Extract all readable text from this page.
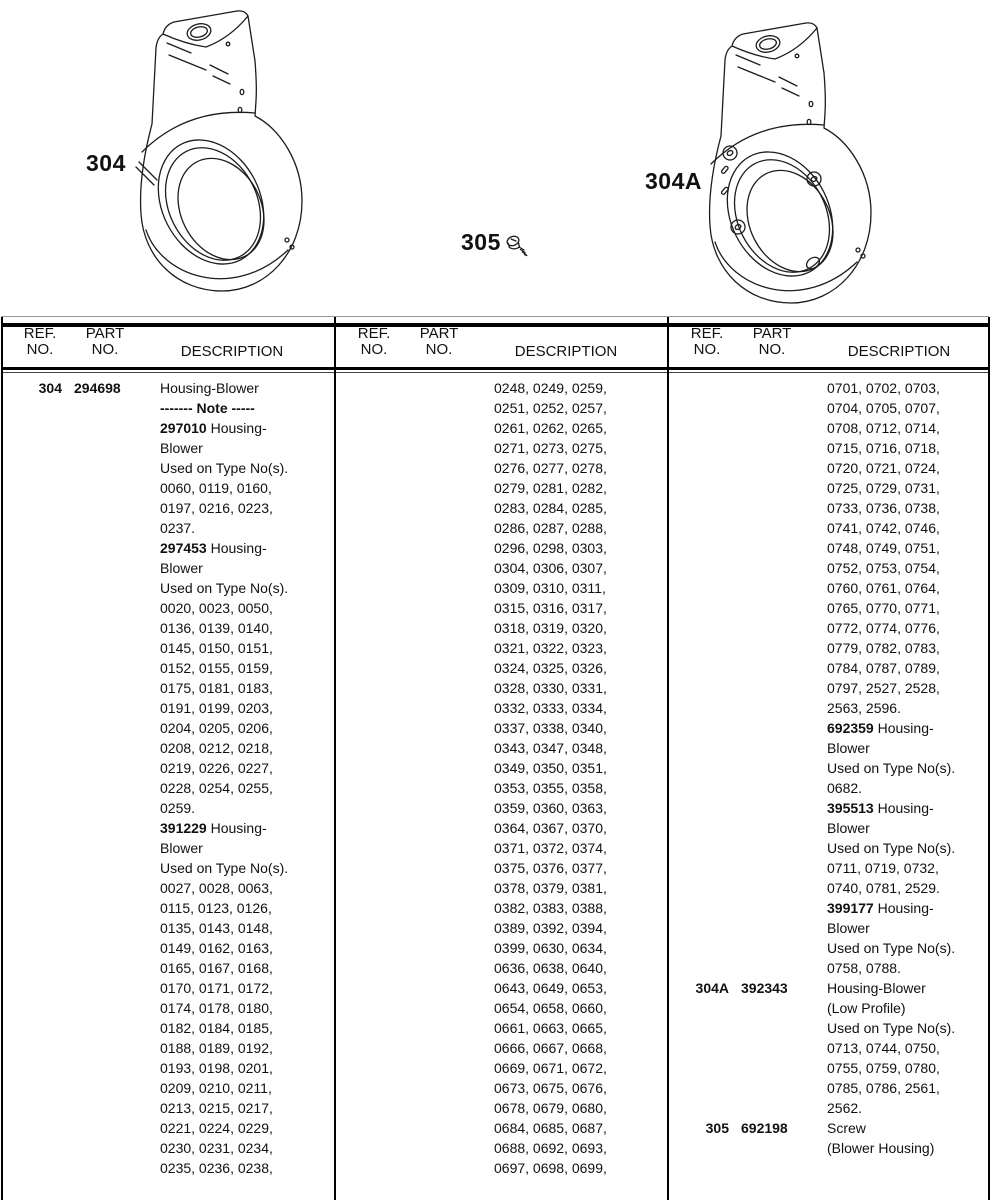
304
305
304A
REF.
NO.
PART
NO.	DESCRIPTION
304 294698	Housing-Blower
------- Note -----
297010 Housing-
Blower
Used on Type No(s).
0060, 0119, 0160,
0197, 0216, 0223,
0237.
297453 Housing-
Blower
Used on Type No(s).
0020, 0023, 0050,
0136, 0139, 0140,
0145, 0150, 0151,
0152, 0155, 0159,
0175, 0181, 0183,
0191, 0199, 0203,
0204, 0205, 0206,
0208, 0212, 0218,
0219, 0226, 0227,
0228, 0254, 0255,
0259.
391229 Housing-
Blower
Used on Type No(s).
0027, 0028, 0063,
0115, 0123, 0126,
0135, 0143, 0148,
0149, 0162, 0163,
0165, 0167, 0168,
0170, 0171, 0172,
0174, 0178, 0180,
0182, 0184, 0185,
0188, 0189, 0192,
0193, 0198, 0201,
0209, 0210, 0211,
0213, 0215, 0217,
0221, 0224, 0229,
0230, 0231, 0234,
0235, 0236, 0238,
REF.
NO.
PART
NO.	DESCRIPTION
0248, 0249, 0259,
0251, 0252, 0257,
0261, 0262, 0265,
0271, 0273, 0275,
0276, 0277, 0278,
0279, 0281, 0282,
0283, 0284, 0285,
0286, 0287, 0288,
0296, 0298, 0303,
0304, 0306, 0307,
0309, 0310, 0311,
0315, 0316, 0317,
0318, 0319, 0320,
0321, 0322, 0323,
0324, 0325, 0326,
0328, 0330, 0331,
0332, 0333, 0334,
0337, 0338, 0340,
0343, 0347, 0348,
0349, 0350, 0351,
0353, 0355, 0358,
0359, 0360, 0363,
0364, 0367, 0370,
0371, 0372, 0374,
0375, 0376, 0377,
0378, 0379, 0381,
0382, 0383, 0388,
0389, 0392, 0394,
0399, 0630, 0634,
0636, 0638, 0640,
0643, 0649, 0653,
0654, 0658, 0660,
0661, 0663, 0665,
0666, 0667, 0668,
0669, 0671, 0672,
0673, 0675, 0676,
0678, 0679, 0680,
0684, 0685, 0687,
0688, 0692, 0693,
0697, 0698, 0699,
REF.
NO.
PART
NO.	DESCRIPTION
0701, 0702, 0703,
0704, 0705, 0707,
0708, 0712, 0714,
0715, 0716, 0718,
0720, 0721, 0724,
0725, 0729, 0731,
0733, 0736, 0738,
0741, 0742, 0746,
0748, 0749, 0751,
0752, 0753, 0754,
0760, 0761, 0764,
0765, 0770, 0771,
0772, 0774, 0776,
0779, 0782, 0783,
0784, 0787, 0789,
0797, 2527, 2528,
2563, 2596.
692359 Housing-
Blower
Used on Type No(s).
0682.
395513 Housing-
Blower
Used on Type No(s).
0711, 0719, 0732,
0740, 0781, 2529.
399177 Housing-
Blower
Used on Type No(s).
0758, 0788.
304A 392343	Housing-Blower
(Low Profile)
Used on Type No(s).
0713, 0744, 0750,
0755, 0759, 0780,
0785, 0786, 2561,
2562.
305 692198	Screw
(Blower Housing)
